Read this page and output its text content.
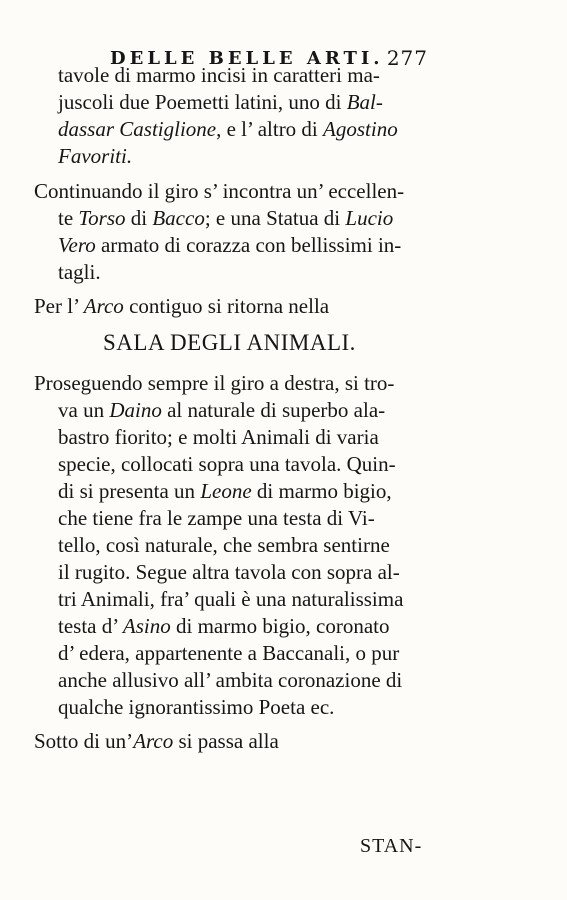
DELLE BELLE ARTI. 277
tavole di marmo incisi in caratteri ma-
juscoli due Poemetti latini, uno di Bal-
dassar Castiglione, e l’ altro di Agostino
Favoriti.
Continuando il giro s’ incontra un’ eccellen-
te Torso di Bacco; e una Statua di Lucio
Vero armato di corazza con bellissimi in-
tagli.
Per l’ Arco contiguo si ritorna nella
SALA DEGLI ANIMALI.
Proseguendo sempre il giro a destra, si tro-
va un Daino al naturale di superbo ala-
bastro fiorito; e molti Animali di varia
specie, collocati sopra una tavola. Quin-
di si presenta un Leone di marmo bigio,
che tiene fra le zampe una testa di Vi-
tello, così naturale, che sembra sentirne
il rugito. Segue altra tavola con sopra al-
tri Animali, fra’ quali è una naturalissima
testa d’ Asino di marmo bigio, coronato
d’ edera, appartenente a Baccanali, o pur
anche allusivo all’ ambita coronazione di
qualche ignorantissimo Poeta ec.
Sotto di un’Arco si passa alla
STAN-
